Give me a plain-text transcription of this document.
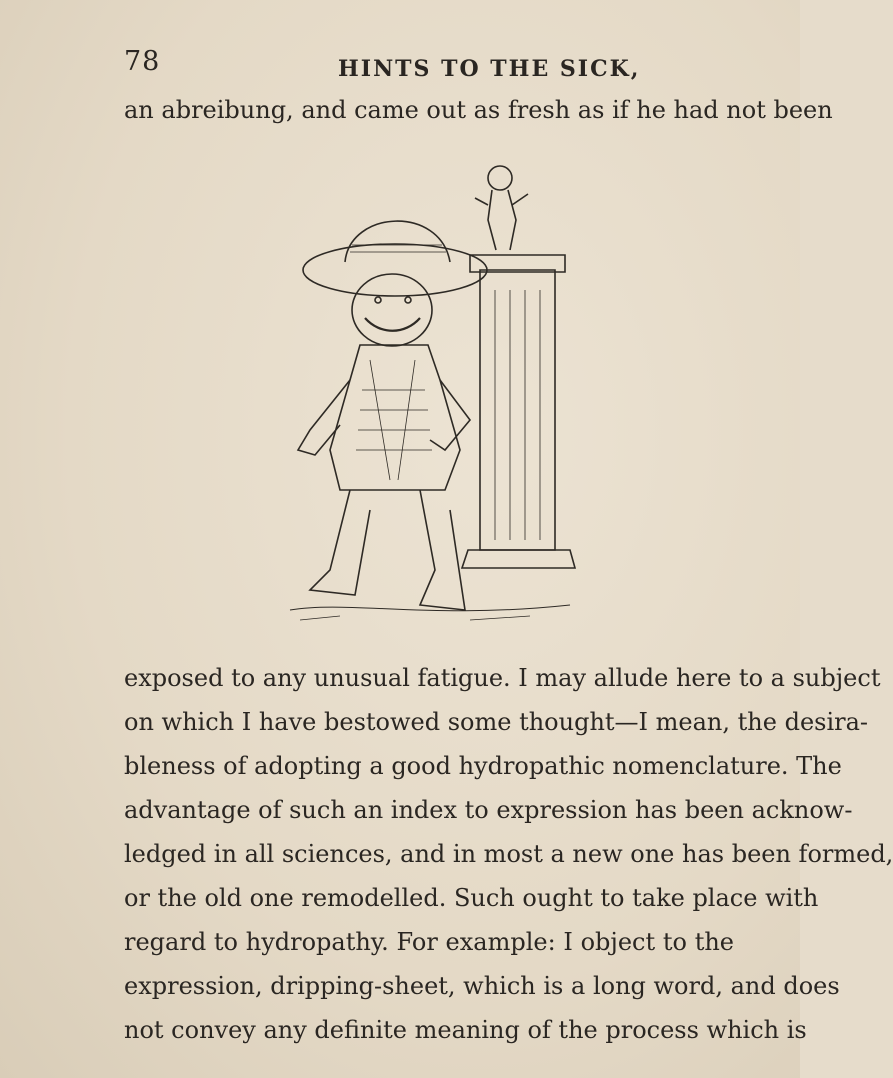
78	HINTS TO THE SICK,
an abreibung, and came out as fresh as if he had not been
exposed to any unusual fatigue. I may allude here to a subject
on which I have bestowed some thought—I mean, the desira-
bleness of adopting a good hydropathic nomenclature. The
advantage of such an index to expression has been acknow-
ledged in all sciences, and in most a new one has been formed,
or the old one remodelled. Such ought to take place with
regard to hydropathy. For example: I object to the
expression, dripping-sheet, which is a long word, and does
not convey any definite meaning of the process which is
